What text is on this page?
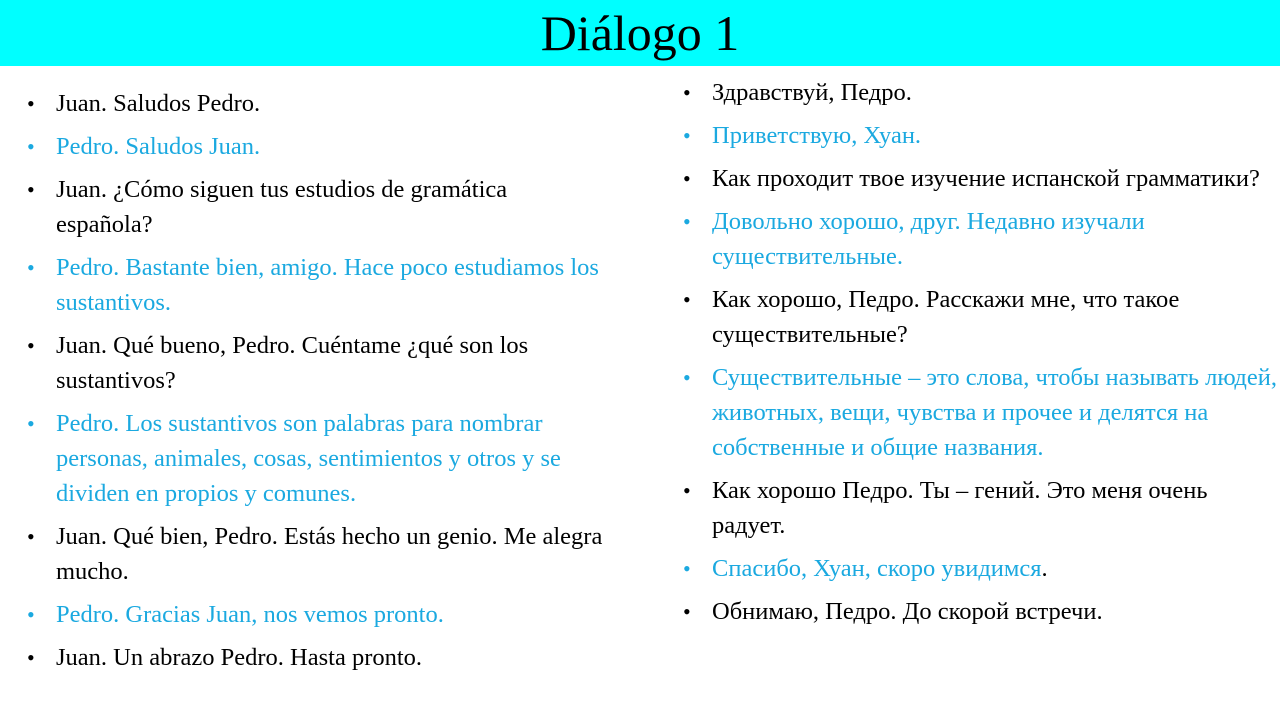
Diálogo 1
• Juan. Saludos Pedro.
• Pedro. Saludos Juan.
• Juan. ¿Cómo siguen tus estudios de gramática española?
• Pedro. Bastante bien, amigo. Hace poco estudiamos los sustantivos.
• Juan. Qué bueno, Pedro. Cuéntame ¿qué son los sustantivos?
• Pedro. Los sustantivos son palabras para nombrar personas, animales, cosas, sentimientos y otros y se dividen en propios y comunes.
• Juan. Qué bien, Pedro. Estás hecho un genio. Me alegra mucho.
• Pedro. Gracias Juan, nos vemos pronto.
• Juan. Un abrazo Pedro. Hasta pronto.
• Здравствуй, Педро.
• Приветствую, Хуан.
• Как проходит твое изучение испанской грамматики?
• Довольно хорошо, друг. Недавно изучали существительные.
• Как хорошо, Педро. Расскажи мне, что такое существительные?
• Существительные – это слова, чтобы называть людей, животных, вещи, чувства и прочее и делятся на собственные и общие названия.
• Как хорошо Педро. Ты – гений. Это меня очень радует.
• Спасибо, Хуан, скоро увидимся.
• Обнимаю, Педро. До скорой встречи.
